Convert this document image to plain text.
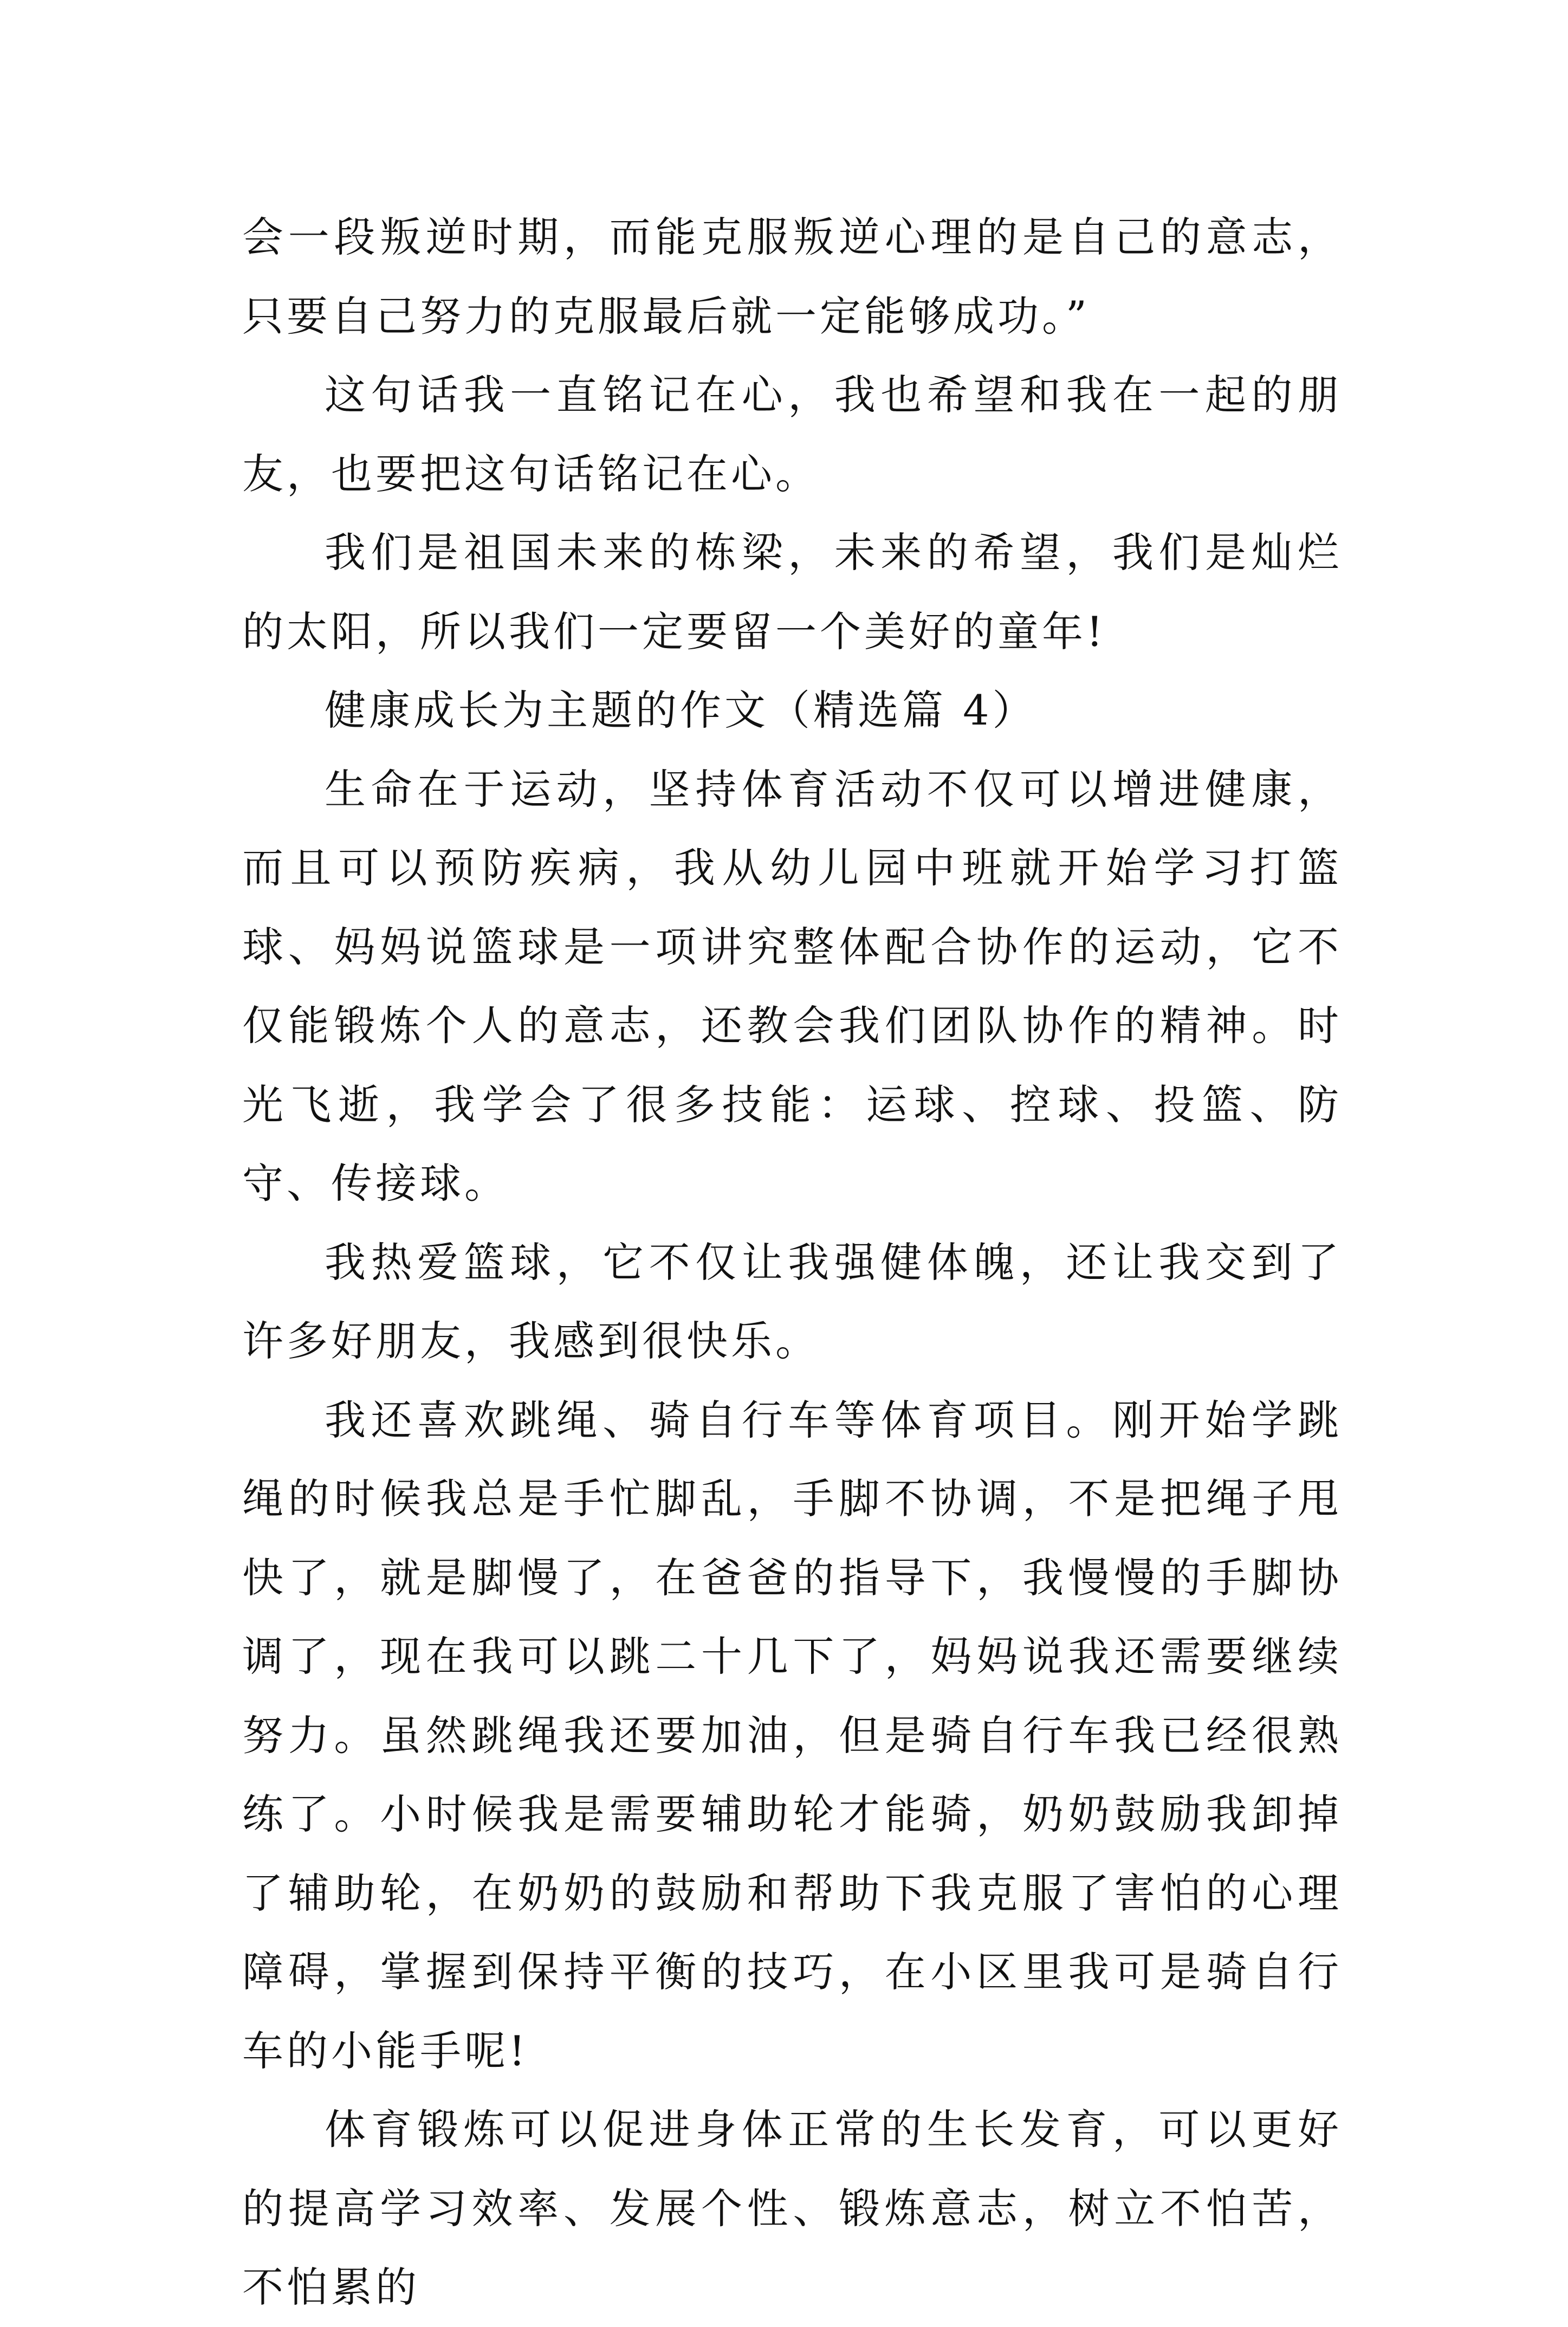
会一段叛逆时期，而能克服叛逆心理的是自己的意志，只要自己努力的克服最后就一定能够成功。”

这句话我一直铭记在心，我也希望和我在一起的朋友，也要把这句话铭记在心。

我们是祖国未来的栋梁，未来的希望，我们是灿烂的太阳，所以我们一定要留一个美好的童年!

健康成长为主题的作文（精选篇 4）

生命在于运动，坚持体育活动不仅可以增进健康，而且可以预防疾病，我从幼儿园中班就开始学习打篮球、妈妈说篮球是一项讲究整体配合协作的运动，它不仅能锻炼个人的意志，还教会我们团队协作的精神。时光飞逝，我学会了很多技能：运球、控球、投篮、防守、传接球。

我热爱篮球，它不仅让我强健体魄，还让我交到了许多好朋友，我感到很快乐。

我还喜欢跳绳、骑自行车等体育项目。刚开始学跳绳的时候我总是手忙脚乱，手脚不协调，不是把绳子甩快了，就是脚慢了，在爸爸的指导下，我慢慢的手脚协调了，现在我可以跳二十几下了，妈妈说我还需要继续努力。虽然跳绳我还要加油，但是骑自行车我已经很熟练了。小时候我是需要辅助轮才能骑，奶奶鼓励我卸掉了辅助轮，在奶奶的鼓励和帮助下我克服了害怕的心理障碍，掌握到保持平衡的技巧，在小区里我可是骑自行车的小能手呢!

体育锻炼可以促进身体正常的生长发育，可以更好的提高学习效率、发展个性、锻炼意志，树立不怕苦，不怕累的
